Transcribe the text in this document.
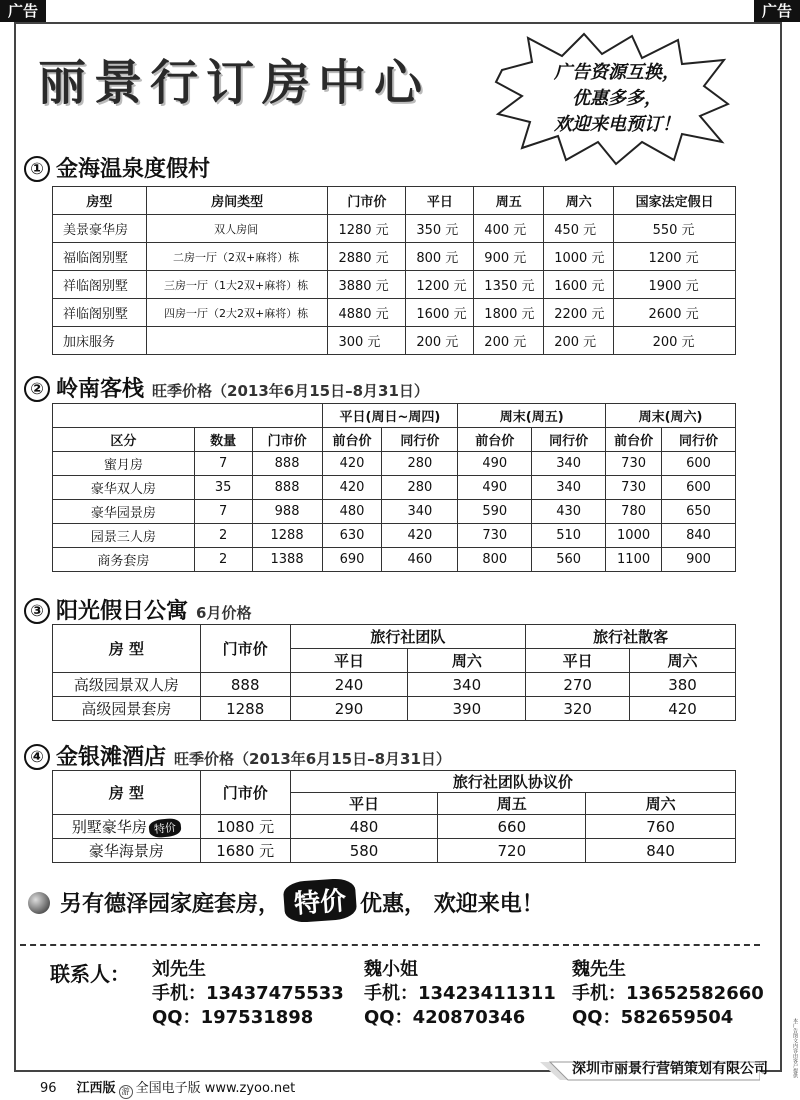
广告	广告
丽景行订房中心	广告资源互换，
优惠多多，
欢迎来电预订！
① 金海温泉度假村
房型	房间类型	门市价	平日	周五	周六	国家法定假日
美景豪华房	双人房间	1280 元	350 元	400 元	450 元	550 元
福临阁别墅	二房一厅（2双+麻将）栋	2880 元	800 元	900 元	1000 元	1200 元
祥临阁别墅	三房一厅（1大2双+麻将）栋	3880 元	1200 元	1350 元	1600 元	1900 元
祥临阁别墅	四房一厅（2大2双+麻将）栋	4880 元	1600 元	1800 元	2200 元	2600 元
加床服务		300 元	200 元	200 元	200 元	200 元
② 岭南客栈 旺季价格（2013年6月15日–8月31日）
			平日(周日~周四)		周末(周五)		周末(周六)	
区分	数量	门市价	前台价	同行价	前台价	同行价	前台价	同行价
蜜月房	7	888	420	280	490	340	730	600
豪华双人房	35	888	420	280	490	340	730	600
豪华园景房	7	988	480	340	590	430	780	650
园景三人房	2	1288	630	420	730	510	1000	840
商务套房	2	1388	690	460	800	560	1100	900
③ 阳光假日公寓 6月价格
房 型	门市价	旅行社团队		旅行社散客	
		平日	周六	平日	周六
高级园景双人房	888	240	340	270	380
高级园景套房	1288	290	390	320	420
④ 金银滩酒店 旺季价格（2013年6月15日–8月31日）
房 型	门市价	旅行社团队协议价		
		平日	周五	周六
别墅豪华房 特价	1080 元	480	660	760
豪华海景房	1680 元	580	720	840
另有德泽园家庭套房， 特价 优惠， 欢迎来电！
联系人： 刘先生
手机：13437475533
QQ：197531898
魏小姐
手机：13423411311
QQ：420870346
魏先生
手机：13652582660
QQ：582659504
深圳市丽景行营销策划有限公司
96 江西版 游 全国电子版 www.zyoo.net
本广告图文内容由客户提供
